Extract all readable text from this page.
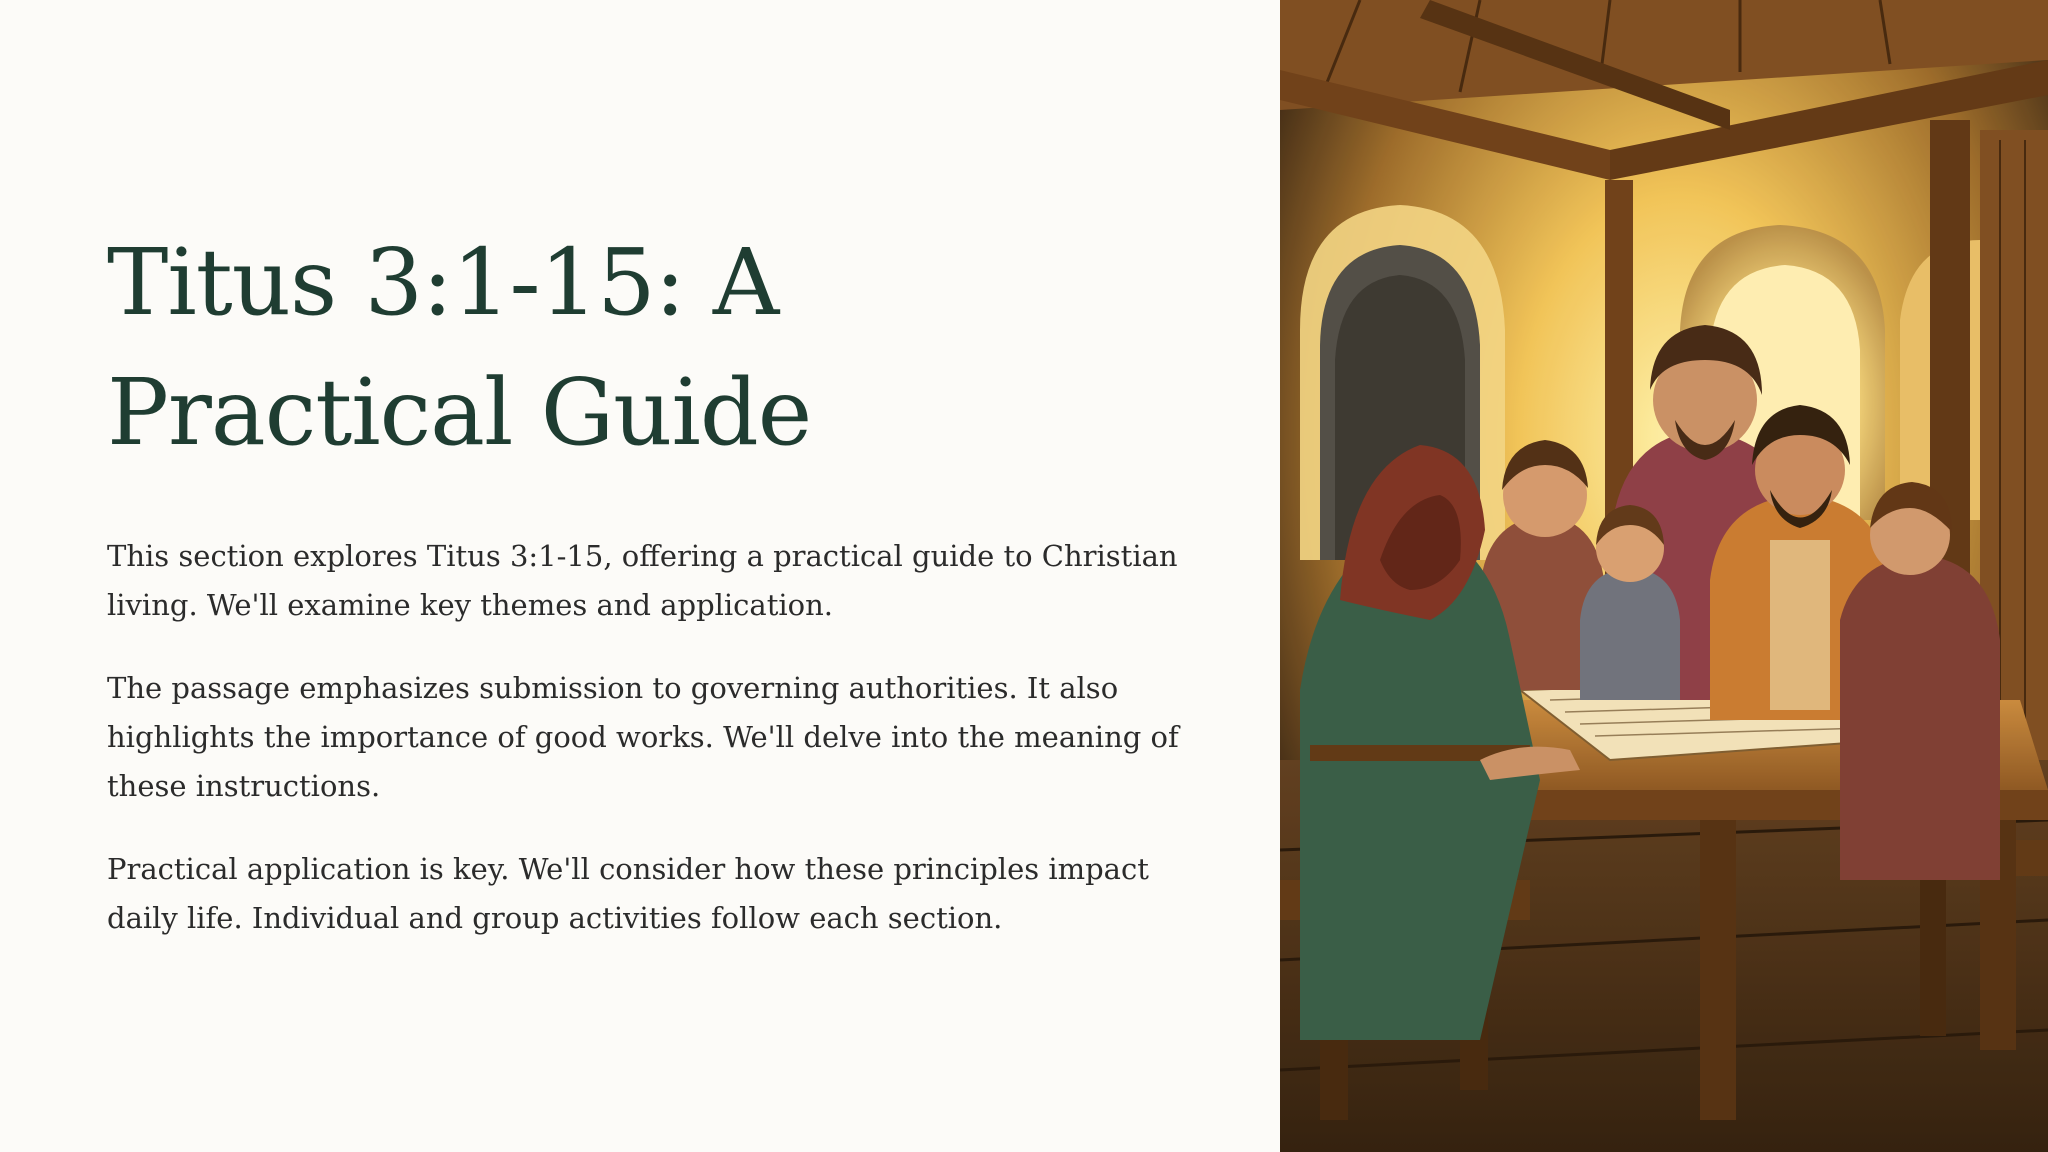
Titus 3:1-15: A Practical Guide

This section explores Titus 3:1-15, offering a practical guide to Christian living. We'll examine key themes and application.

The passage emphasizes submission to governing authorities. It also highlights the importance of good works. We'll delve into the meaning of these instructions.

Practical application is key. We'll consider how these principles impact daily life. Individual and group activities follow each section.
